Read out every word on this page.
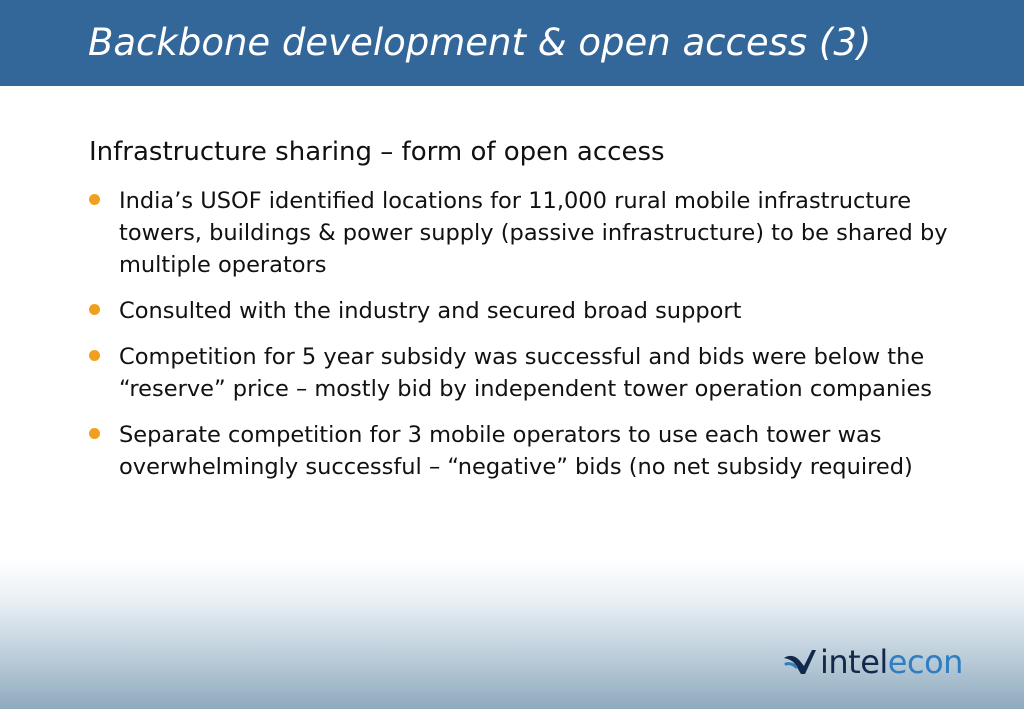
Backbone development & open access (3)
Infrastructure sharing – form of open access
India’s USOF identified locations for 11,000 rural mobile infrastructure towers, buildings & power supply (passive infrastructure) to be shared by multiple operators
Consulted with the industry and secured broad support
Competition for 5 year subsidy was successful and bids were below the “reserve” price – mostly bid by independent tower operation companies
Separate competition for 3 mobile operators to use each tower was overwhelmingly successful – “negative” bids (no net subsidy required)
intelecon
